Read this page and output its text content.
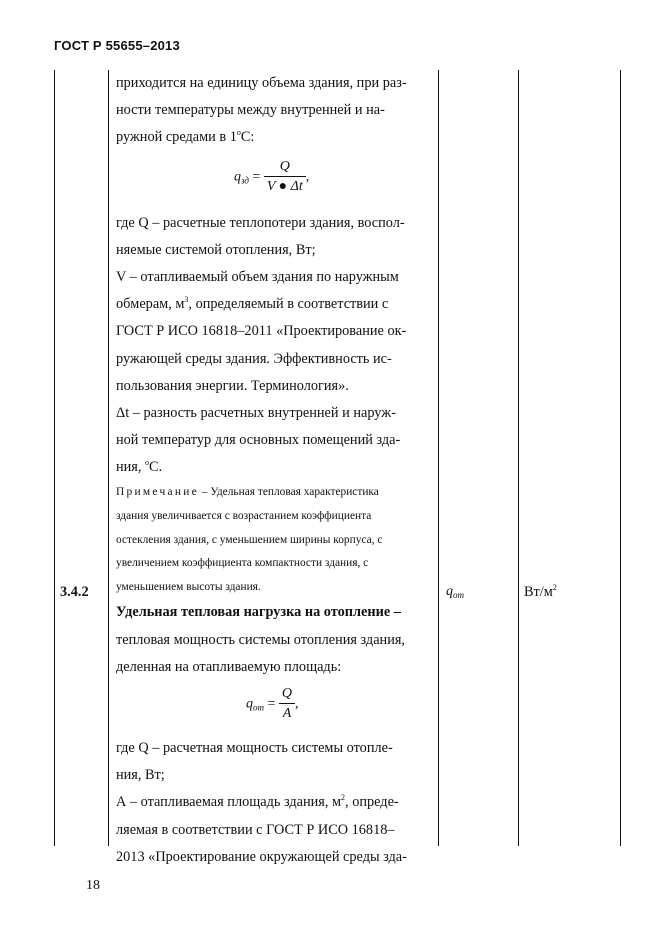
ГОСТ Р 55655–2013
приходится на единицу объема здания, при раз-
ности температуры между внутренней и на-
ружной средами в 1$^o$C:
$q_{зд} = \frac{Q}{V ● \Delta t}$ ,
где Q – расчетные теплопотери здания, воспол-
няемые системой отопления, Вт;
V – отапливаемый объем здания по наружным
обмерам, $м^3$, определяемый в соответствии с
ГОСТ Р ИСО 16818–2011 «Проектирование ок-
ружающей среды здания. Эффективность ис-
пользования энергии. Терминология».
Δt – разность расчетных внутренней и наруж-
ной температур для основных помещений зда-
ния, $^o$С.
Примечание – Удельная тепловая характеристика
здания увеличивается с возрастанием коэффициента
остекления здания, с уменьшением ширины корпуса, с
увеличением коэффициента компактности здания, с
уменьшением высоты здания.
Удельная тепловая нагрузка на отопление –
тепловая мощность системы отопления здания,
деленная на отапливаемую площадь:
$q_{от} = \frac{Q}{A}$ ,
где Q – расчетная мощность системы отопле-
ния, Вт;
А – отапливаемая площадь здания, $м^2$, опреде-
ляемая в соответствии с ГОСТ Р ИСО 16818–
2013 «Проектирование окружающей среды зда-
3.4.2	$q_{от}$	$Вт/м^2$
18
